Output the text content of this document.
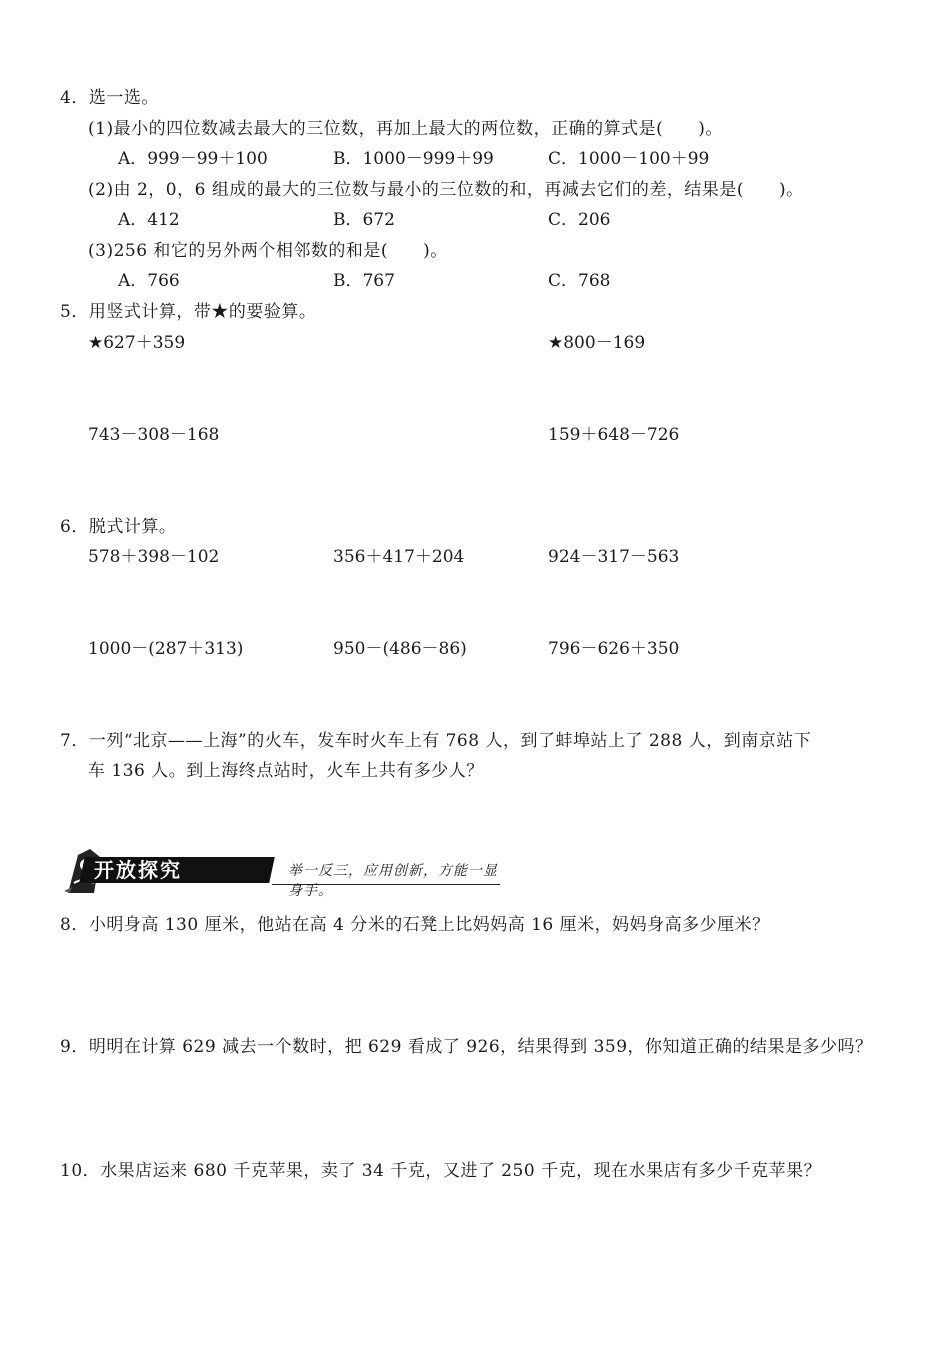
4．选一选。
(1)最小的四位数减去最大的三位数，再加上最大的两位数，正确的算式是(　　)。
A．999－99＋100	B．1000－999＋99	C．1000－100＋99
(2)由 2，0，6 组成的最大的三位数与最小的三位数的和，再减去它们的差，结果是(　　)。
A．412	B．672	C．206
(3)256 和它的另外两个相邻数的和是(　　)。
A．766	B．767	C．768
5．用竖式计算，带★的要验算。
★627＋359	★800－169
743－308－168	159＋648－726
6．脱式计算。
578＋398－102	356＋417＋204	924－317－563
1000－(287＋313)	950－(486－86)	796－626＋350
7．一列“北京——上海”的火车，发车时火车上有 768 人，到了蚌埠站上了 288 人，到南京站下
车 136 人。到上海终点站时，火车上共有多少人？
开放探究	举一反三，应用创新，方能一显身手。
8．小明身高 130 厘米，他站在高 4 分米的石凳上比妈妈高 16 厘米，妈妈身高多少厘米？
9．明明在计算 629 减去一个数时，把 629 看成了 926，结果得到 359，你知道正确的结果是多少吗？
10．水果店运来 680 千克苹果，卖了 34 千克，又进了 250 千克，现在水果店有多少千克苹果？
